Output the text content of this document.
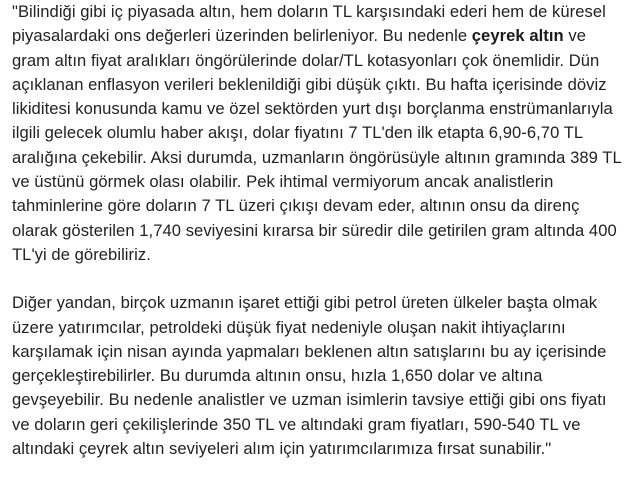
"Bilindiği gibi iç piyasada altın, hem doların TL karşısındaki ederi hem de küresel piyasalardaki ons değerleri üzerinden belirleniyor. Bu nedenle çeyrek altın ve gram altın fiyat aralıkları öngörülerinde dolar/TL kotasyonları çok önemlidir. Dün açıklanan enflasyon verileri beklenildiği gibi düşük çıktı. Bu hafta içerisinde döviz likiditesi konusunda kamu ve özel sektörden yurt dışı borçlanma enstrümanlarıyla ilgili gelecek olumlu haber akışı, dolar fiyatını 7 TL'den ilk etapta 6,90-6,70 TL aralığına çekebilir. Aksi durumda, uzmanların öngörüsüyle altının gramında 389 TL ve üstünü görmek olası olabilir. Pek ihtimal vermiyorum ancak analistlerin tahminlerine göre doların 7 TL üzeri çıkışı devam eder, altının onsu da direnç olarak gösterilen 1,740 seviyesini kırarsa bir süredir dile getirilen gram altında 400 TL'yi de görebiliriz.

Diğer yandan, birçok uzmanın işaret ettiği gibi petrol üreten ülkeler başta olmak üzere yatırımcılar, petroldeki düşük fiyat nedeniyle oluşan nakit ihtiyaçlarını karşılamak için nisan ayında yapmaları beklenen altın satışlarını bu ay içerisinde gerçekleştirebilirler. Bu durumda altının onsu, hızla 1,650 dolar ve altına gevşeyebilir. Bu nedenle analistler ve uzman isimlerin tavsiye ettiği gibi ons fiyatı ve doların geri çekilişlerinde 350 TL ve altındaki gram fiyatları, 590-540 TL ve altındaki çeyrek altın seviyeleri alım için yatırımcılarımıza fırsat sunabilir."
